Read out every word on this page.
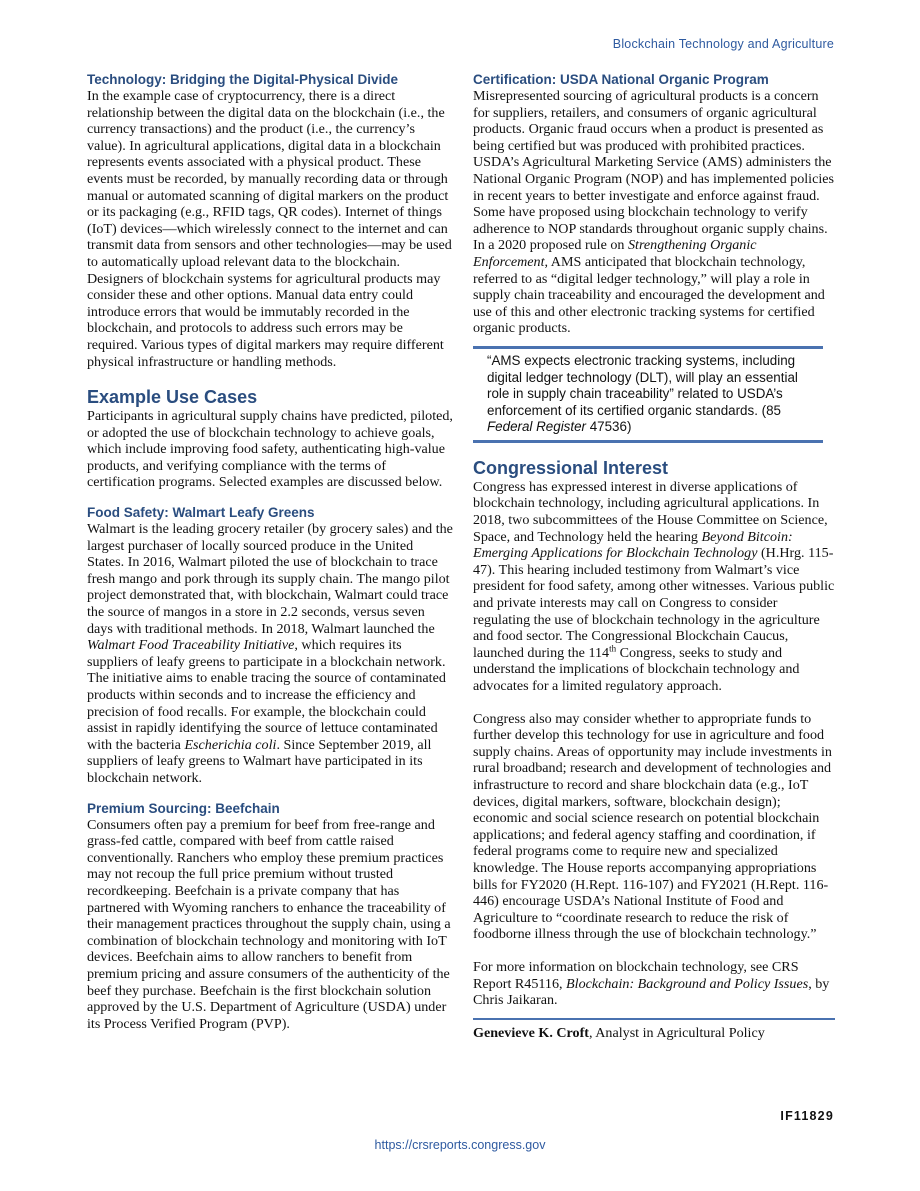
Blockchain Technology and Agriculture
Technology: Bridging the Digital-Physical Divide

In the example case of cryptocurrency, there is a direct relationship between the digital data on the blockchain (i.e., the currency transactions) and the product (i.e., the currency’s value). In agricultural applications, digital data in a blockchain represents events associated with a physical product. These events must be recorded, by manually recording data or through manual or automated scanning of digital markers on the product or its packaging (e.g., RFID tags, QR codes). Internet of things (IoT) devices—which wirelessly connect to the internet and can transmit data from sensors and other technologies—may be used to automatically upload relevant data to the blockchain. Designers of blockchain systems for agricultural products may consider these and other options. Manual data entry could introduce errors that would be immutably recorded in the blockchain, and protocols to address such errors may be required. Various types of digital markers may require different physical infrastructure or handling methods.

Example Use Cases

Participants in agricultural supply chains have predicted, piloted, or adopted the use of blockchain technology to achieve goals, which include improving food safety, authenticating high-value products, and verifying compliance with the terms of certification programs. Selected examples are discussed below.

Food Safety: Walmart Leafy Greens

Walmart is the leading grocery retailer (by grocery sales) and the largest purchaser of locally sourced produce in the United States. In 2016, Walmart piloted the use of blockchain to trace fresh mango and pork through its supply chain. The mango pilot project demonstrated that, with blockchain, Walmart could trace the source of mangos in a store in 2.2 seconds, versus seven days with traditional methods. In 2018, Walmart launched the Walmart Food Traceability Initiative, which requires its suppliers of leafy greens to participate in a blockchain network. The initiative aims to enable tracing the source of contaminated products within seconds and to increase the efficiency and precision of food recalls. For example, the blockchain could assist in rapidly identifying the source of lettuce contaminated with the bacteria Escherichia coli. Since September 2019, all suppliers of leafy greens to Walmart have participated in its blockchain network.

Premium Sourcing: Beefchain

Consumers often pay a premium for beef from free-range and grass-fed cattle, compared with beef from cattle raised conventionally. Ranchers who employ these premium practices may not recoup the full price premium without trusted recordkeeping. Beefchain is a private company that has partnered with Wyoming ranchers to enhance the traceability of their management practices throughout the supply chain, using a combination of blockchain technology and monitoring with IoT devices. Beefchain aims to allow ranchers to benefit from premium pricing and assure consumers of the authenticity of the beef they purchase. Beefchain is the first blockchain solution approved by the U.S. Department of Agriculture (USDA) under its Process Verified Program (PVP).

Certification: USDA National Organic Program

Misrepresented sourcing of agricultural products is a concern for suppliers, retailers, and consumers of organic agricultural products. Organic fraud occurs when a product is presented as being certified but was produced with prohibited practices. USDA’s Agricultural Marketing Service (AMS) administers the National Organic Program (NOP) and has implemented policies in recent years to better investigate and enforce against fraud. Some have proposed using blockchain technology to verify adherence to NOP standards throughout organic supply chains. In a 2020 proposed rule on Strengthening Organic Enforcement, AMS anticipated that blockchain technology, referred to as “digital ledger technology,” will play a role in supply chain traceability and encouraged the development and use of this and other electronic tracking systems for certified organic products.

“AMS expects electronic tracking systems, including digital ledger technology (DLT), will play an essential role in supply chain traceability” related to USDA’s enforcement of its certified organic standards. (85 Federal Register 47536)
Congressional Interest

Congress has expressed interest in diverse applications of blockchain technology, including agricultural applications. In 2018, two subcommittees of the House Committee on Science, Space, and Technology held the hearing Beyond Bitcoin: Emerging Applications for Blockchain Technology (H.Hrg. 115-47). This hearing included testimony from Walmart’s vice president for food safety, among other witnesses. Various public and private interests may call on Congress to consider regulating the use of blockchain technology in the agriculture and food sector. The Congressional Blockchain Caucus, launched during the 114th Congress, seeks to study and understand the implications of blockchain technology and advocates for a limited regulatory approach.

Congress also may consider whether to appropriate funds to further develop this technology for use in agriculture and food supply chains. Areas of opportunity may include investments in rural broadband; research and development of technologies and infrastructure to record and share blockchain data (e.g., IoT devices, digital markers, software, blockchain design); economic and social science research on potential blockchain applications; and federal agency staffing and coordination, if federal programs come to require new and specialized knowledge. The House reports accompanying appropriations bills for FY2020 (H.Rept. 116-107) and FY2021 (H.Rept. 116-446) encourage USDA’s National Institute of Food and Agriculture to “coordinate research to reduce the risk of foodborne illness through the use of blockchain technology.”

For more information on blockchain technology, see CRS Report R45116, Blockchain: Background and Policy Issues, by Chris Jaikaran.

Genevieve K. Croft, Analyst in Agricultural Policy
IF11829
https://crsreports.congress.gov
